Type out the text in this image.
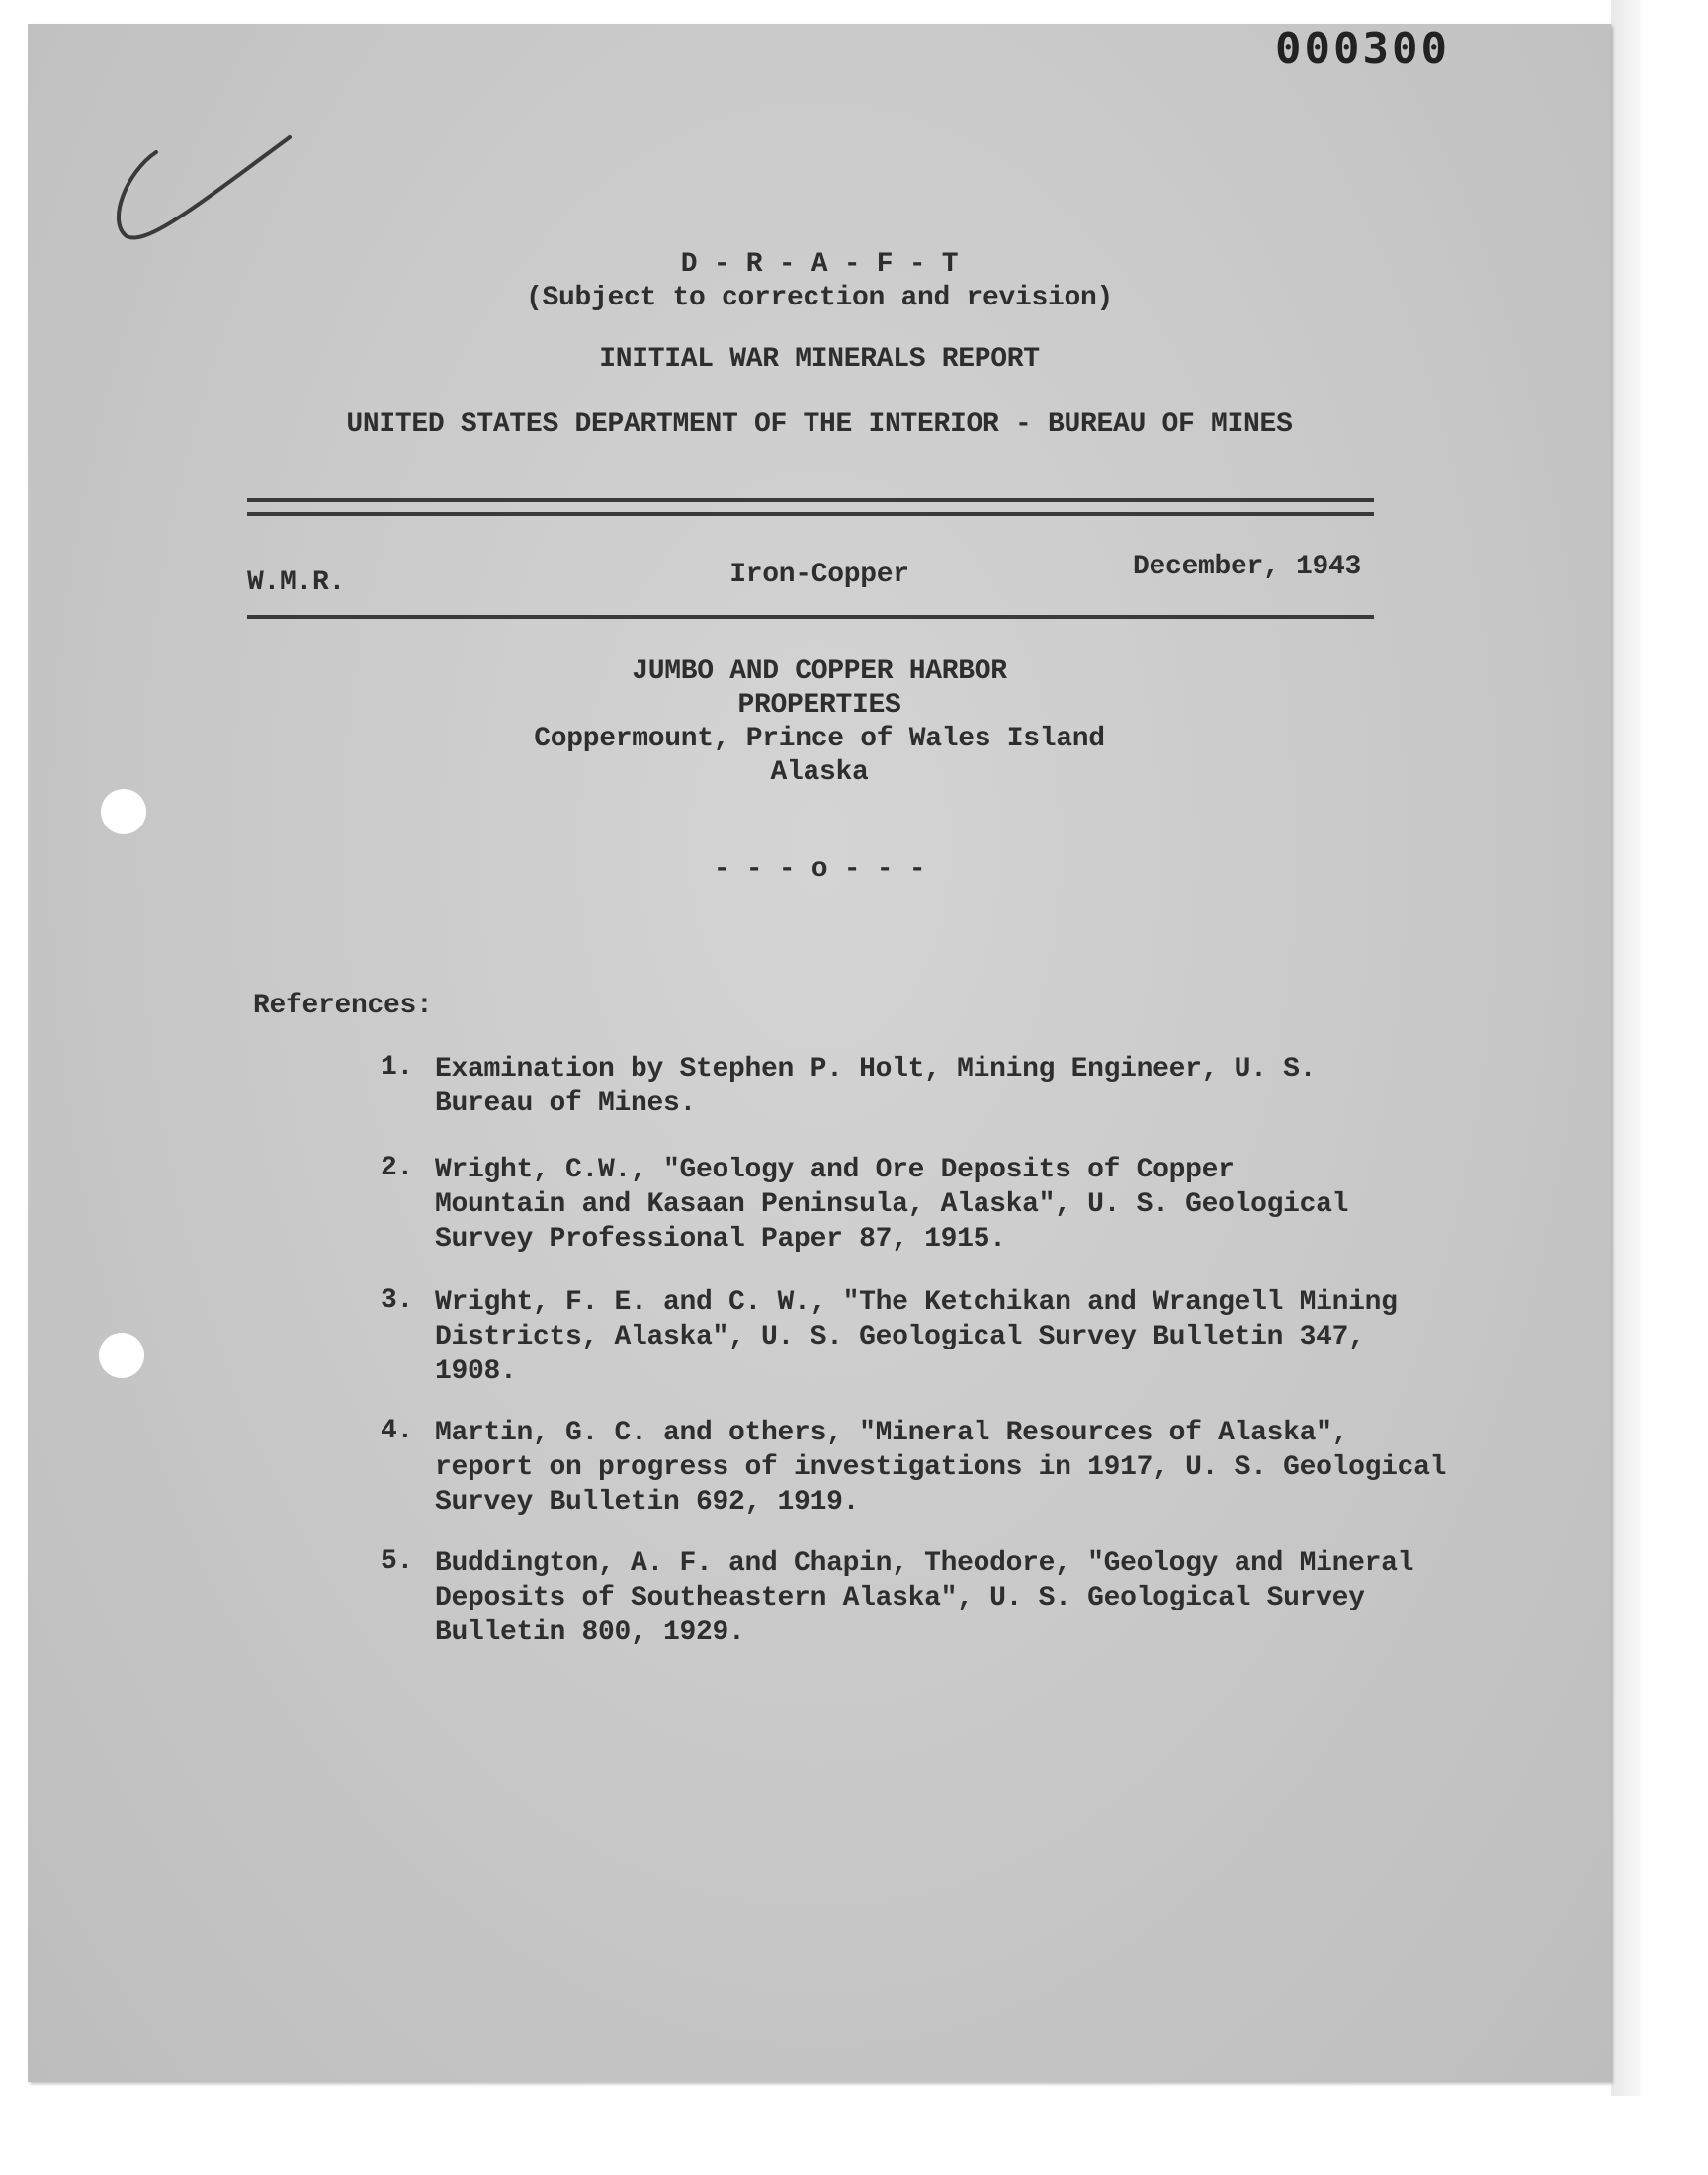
000300
D - R - A - F - T
(Subject to correction and revision)
INITIAL WAR MINERALS REPORT
UNITED STATES DEPARTMENT OF THE INTERIOR - BUREAU OF MINES
W.M.R.	Iron-Copper	December, 1943
JUMBO AND COPPER HARBOR
PROPERTIES
Coppermount, Prince of Wales Island
Alaska
- - - o - - -
References:
1. Examination by Stephen P. Holt, Mining Engineer, U. S.
Bureau of Mines.
2. Wright, C.W., "Geology and Ore Deposits of Copper
Mountain and Kasaan Peninsula, Alaska", U. S. Geological
Survey Professional Paper 87, 1915.
3. Wright, F. E. and C. W., "The Ketchikan and Wrangell Mining
Districts, Alaska", U. S. Geological Survey Bulletin 347,
1908.
4. Martin, G. C. and others, "Mineral Resources of Alaska",
report on progress of investigations in 1917, U. S. Geological
Survey Bulletin 692, 1919.
5. Buddington, A. F. and Chapin, Theodore, "Geology and Mineral
Deposits of Southeastern Alaska", U. S. Geological Survey
Bulletin 800, 1929.
